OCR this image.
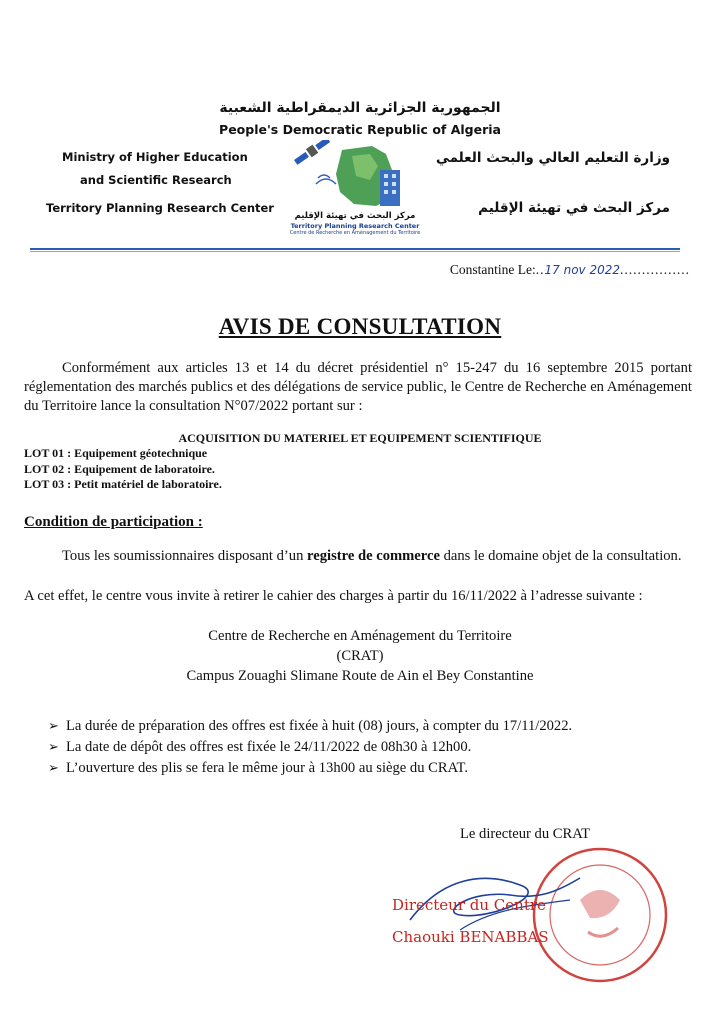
الجمهورية الجزائرية الديمقراطية الشعبية
People's Democratic Republic of Algeria
Ministry of Higher Education
and Scientific Research
Territory Planning Research Center
وزارة التعليم العالي والبحث العلمي
مركز البحث في تهيئة الإقليم
مركز البحث في تهيئة الإقليم
Territory Planning Research Center
Centre de Recherche en Aménagement du Territoire
Constantine Le:..17 nov 2022................
AVIS DE CONSULTATION
Conformément aux articles 13 et 14 du décret présidentiel n° 15-247 du 16 septembre 2015 portant réglementation des marchés publics et des délégations de service public, le Centre de Recherche en Aménagement du Territoire lance la consultation N°07/2022 portant sur :
ACQUISITION DU MATERIEL ET EQUIPEMENT SCIENTIFIQUE
LOT 01 : Equipement géotechnique
LOT 02 : Equipement de laboratoire.
LOT 03 : Petit matériel de laboratoire.
Condition de participation :
Tous les soumissionnaires disposant d’un registre de commerce dans le domaine objet de la consultation.
A cet effet, le centre vous invite à retirer le cahier des charges à partir du 16/11/2022 à l’adresse suivante :
Centre de Recherche en Aménagement du Territoire
(CRAT)
Campus Zouaghi Slimane Route de Ain el Bey Constantine
➢ La durée de préparation des offres est fixée à huit (08) jours, à compter du 17/11/2022.
➢ La date de dépôt des offres est fixée le 24/11/2022 de 08h30 à 12h00.
➢ L’ouverture des plis se fera le même jour à 13h00 au siège du CRAT.
Le directeur du CRAT
Directeur du Centre
Chaouki BENABBAS
